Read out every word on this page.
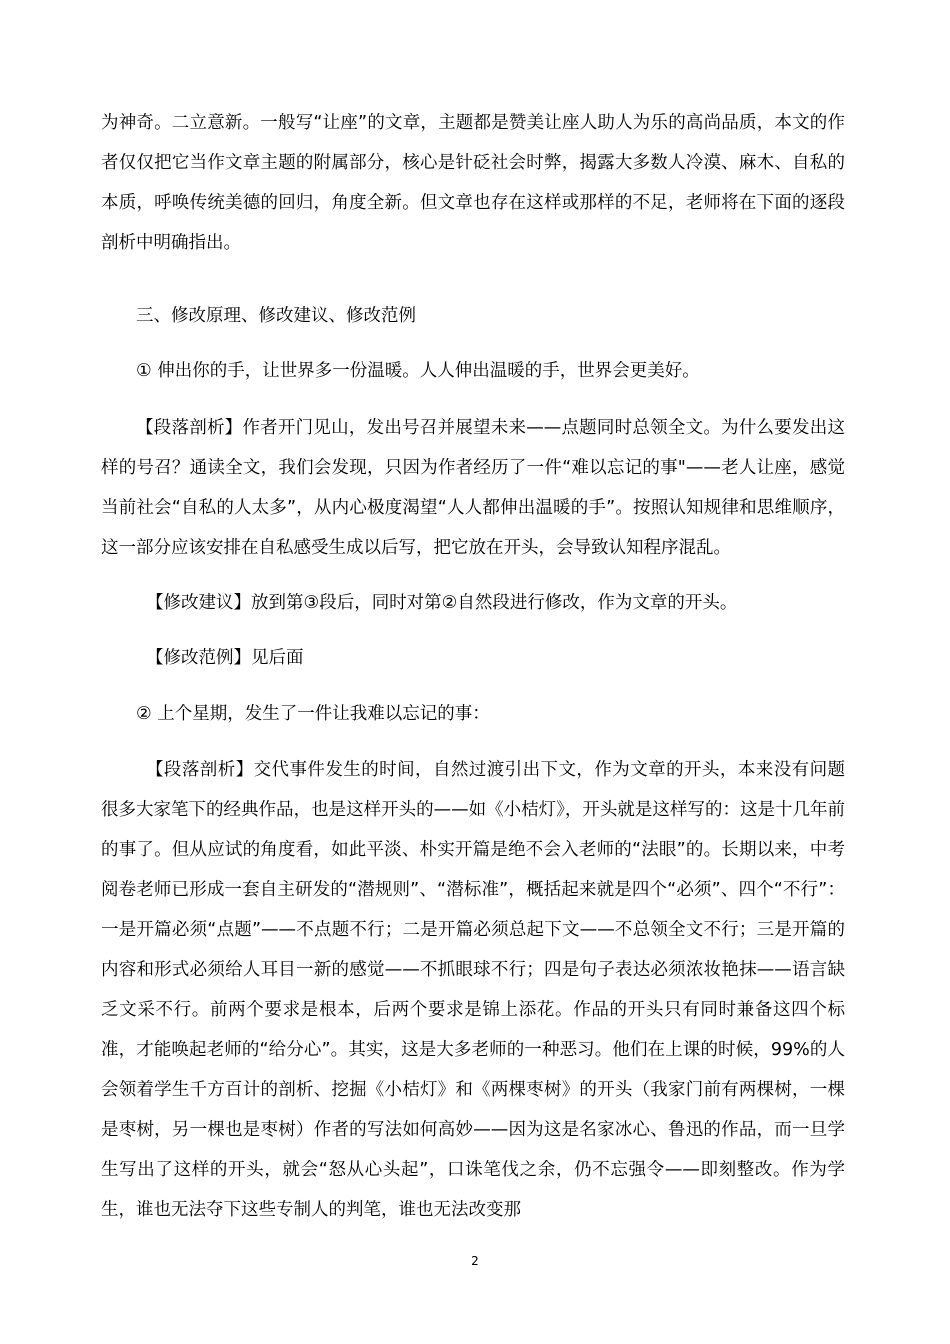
为神奇。二立意新。一般写“让座”的文章，主题都是赞美让座人助人为乐的高尚品质，本文的作者仅仅把它当作文章主题的附属部分，核心是针砭社会时弊，揭露大多数人冷漠、麻木、自私的本质，呼唤传统美德的回归，角度全新。但文章也存在这样或那样的不足，老师将在下面的逐段剖析中明确指出。

三、修改原理、修改建议、修改范例

① 伸出你的手，让世界多一份温暖。人人伸出温暖的手，世界会更美好。

【段落剖析】作者开门见山，发出号召并展望未来——点题同时总领全文。为什么要发出这样的号召？通读全文，我们会发现，只因为作者经历了一件“难以忘记的事"——老人让座，感觉当前社会“自私的人太多”，从内心极度渴望“人人都伸出温暖的手”。按照认知规律和思维顺序，这一部分应该安排在自私感受生成以后写，把它放在开头，会导致认知程序混乱。

【修改建议】放到第③段后，同时对第②自然段进行修改，作为文章的开头。

【修改范例】见后面

② 上个星期，发生了一件让我难以忘记的事：

【段落剖析】交代事件发生的时间，自然过渡引出下文，作为文章的开头，本来没有问题很多大家笔下的经典作品，也是这样开头的——如《小桔灯》，开头就是这样写的：这是十几年前的事了。但从应试的角度看，如此平淡、朴实开篇是绝不会入老师的“法眼”的。长期以来，中考阅卷老师已形成一套自主研发的“潜规则”、“潜标准”，概括起来就是四个“必须”、四个“不行”：一是开篇必须“点题”——不点题不行；二是开篇必须总起下文——不总领全文不行；三是开篇的内容和形式必须给人耳目一新的感觉——不抓眼球不行；四是句子表达必须浓妆艳抹——语言缺乏文采不行。前两个要求是根本，后两个要求是锦上添花。作品的开头只有同时兼备这四个标准，才能唤起老师的“给分心”。其实，这是大多老师的一种恶习。他们在上课的时候，99%的人会领着学生千方百计的剖析、挖掘《小桔灯》和《两棵枣树》的开头（我家门前有两棵树，一棵是枣树，另一棵也是枣树）作者的写法如何高妙——因为这是名家冰心、鲁迅的作品，而一旦学生写出了这样的开头，就会“怒从心头起”，口诛笔伐之余，仍不忘强令——即刻整改。作为学生，谁也无法夺下这些专制人的判笔，谁也无法改变那

2
